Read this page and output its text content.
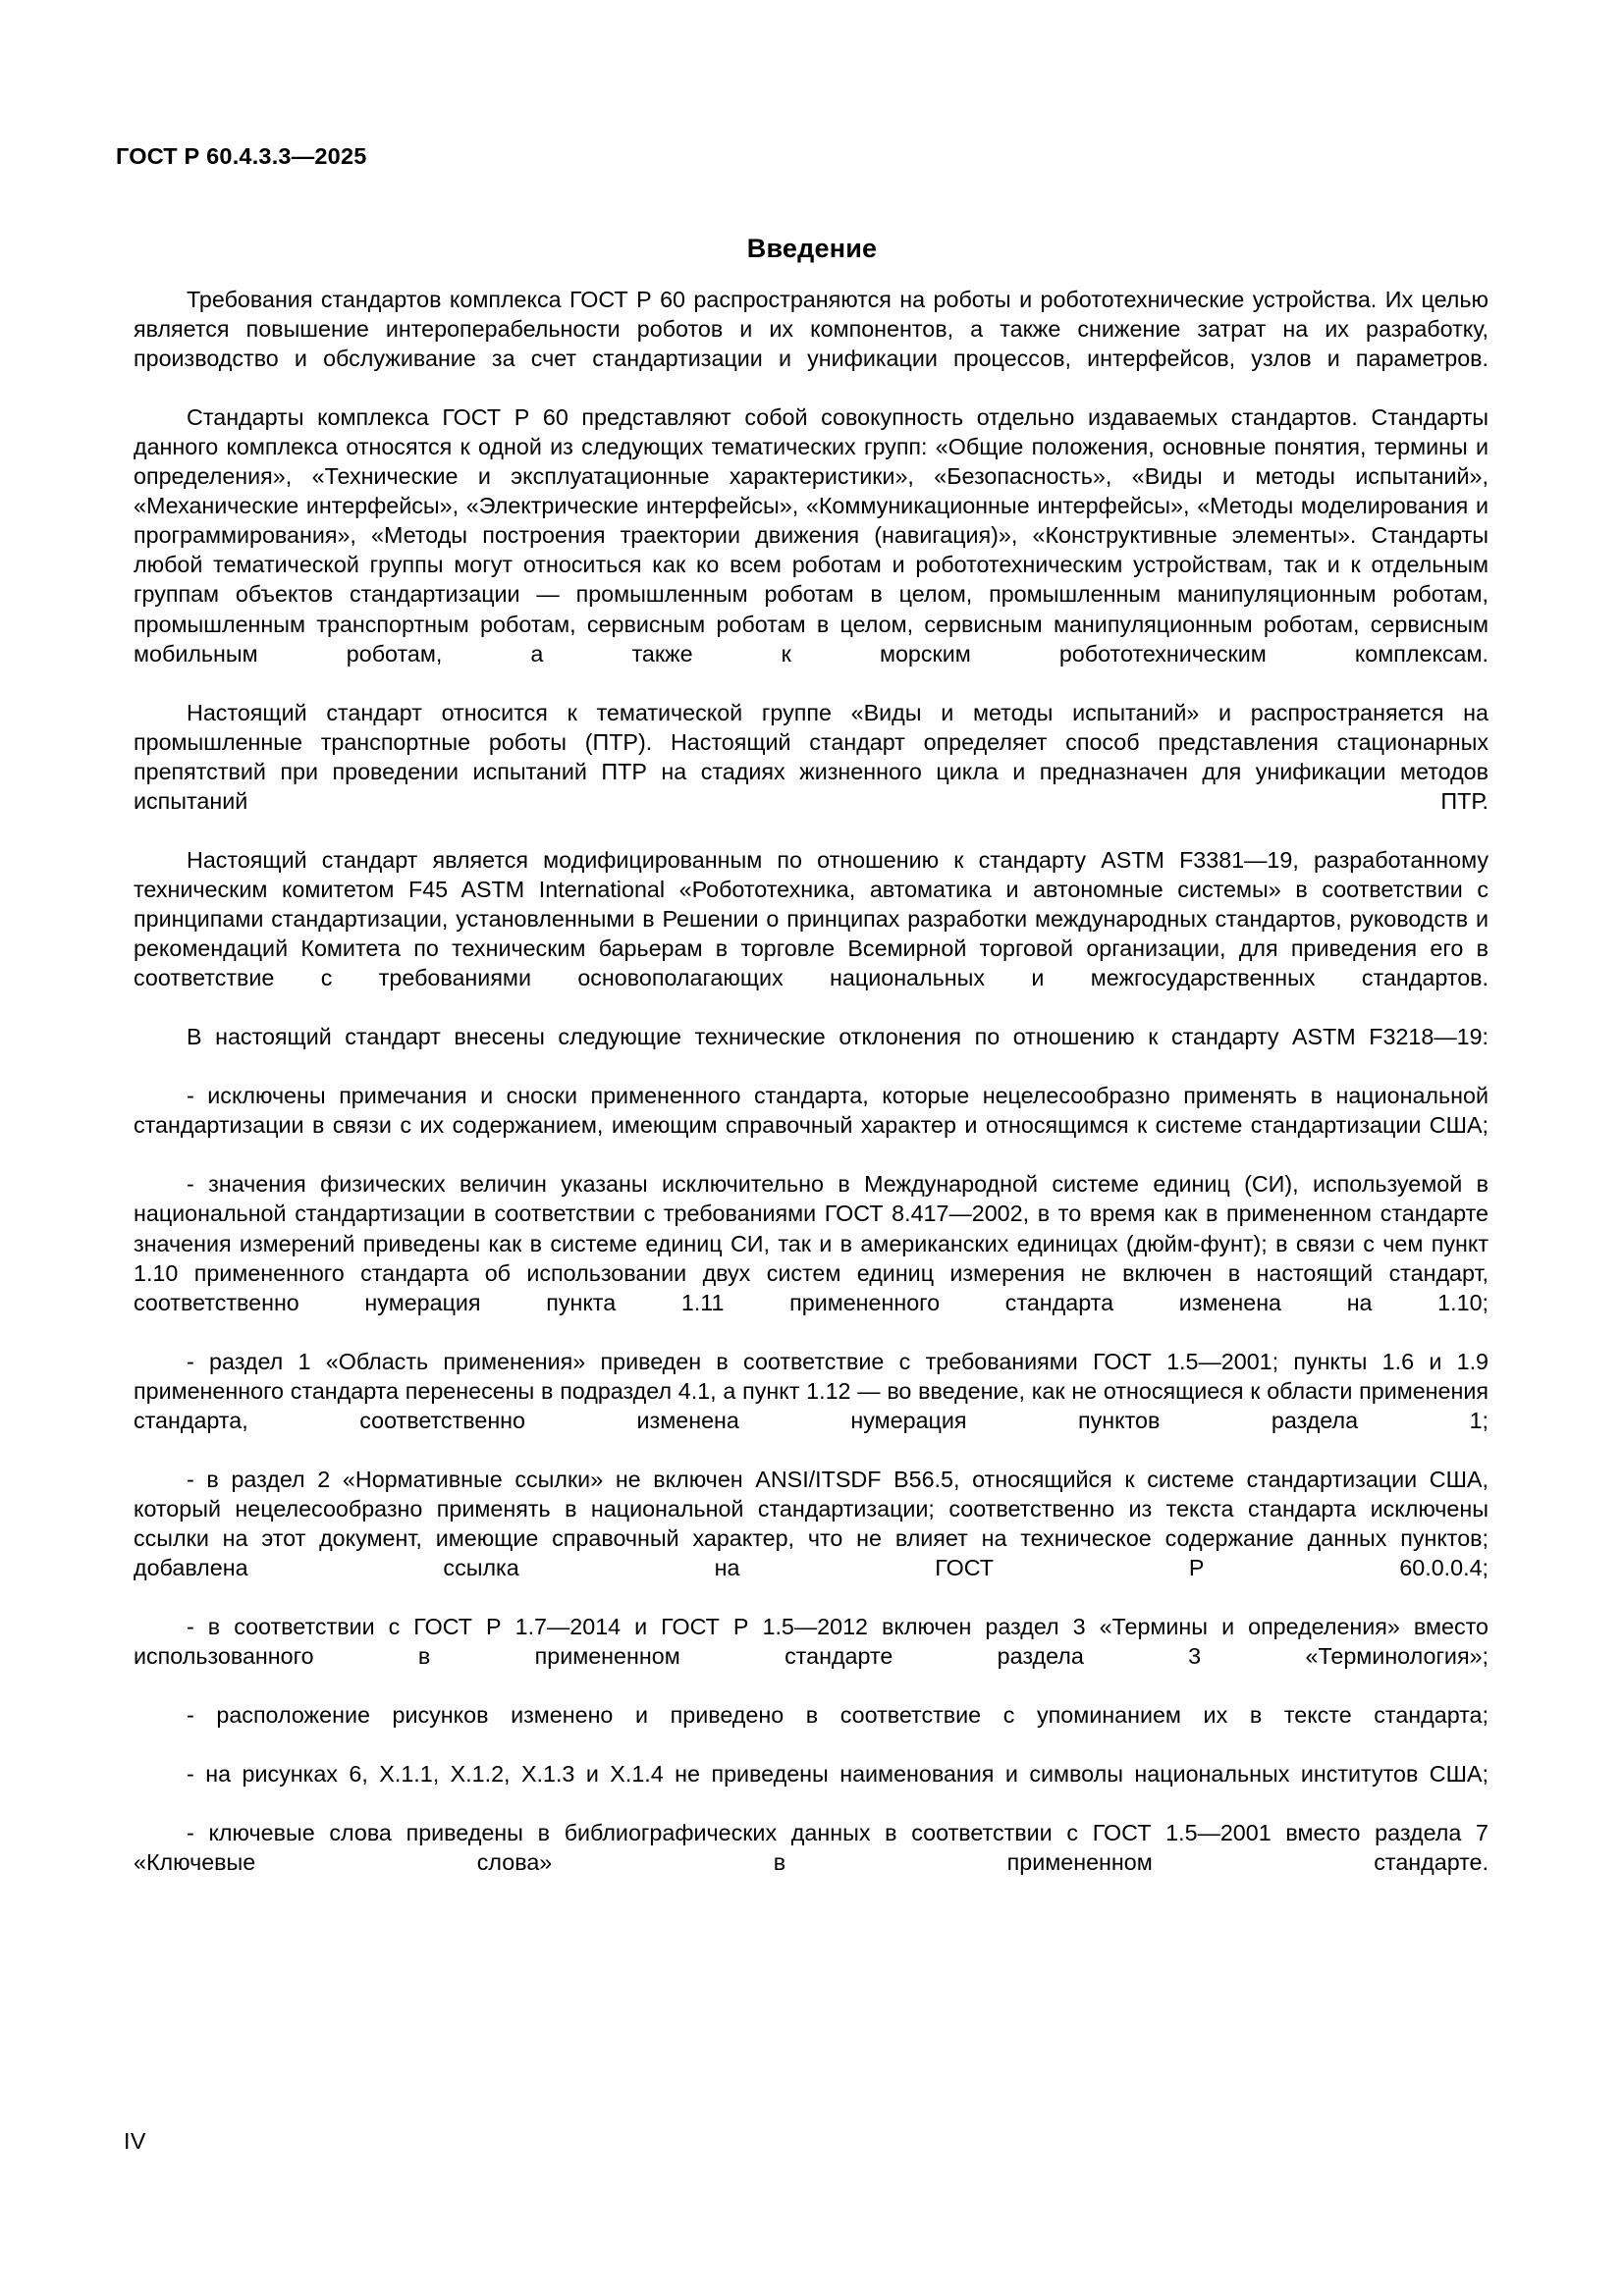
ГОСТ Р 60.4.3.3—2025
Введение

Требования стандартов комплекса ГОСТ Р 60 распространяются на роботы и робототехнические устройства. Их целью является повышение интероперабельности роботов и их компонентов, а также снижение затрат на их разработку, производство и обслуживание за счет стандартизации и унификации процессов, интерфейсов, узлов и параметров.

Стандарты комплекса ГОСТ Р 60 представляют собой совокупность отдельно издаваемых стандартов. Стандарты данного комплекса относятся к одной из следующих тематических групп: «Общие положения, основные понятия, термины и определения», «Технические и эксплуатационные характеристики», «Безопасность», «Виды и методы испытаний», «Механические интерфейсы», «Электрические интерфейсы», «Коммуникационные интерфейсы», «Методы моделирования и программирования», «Методы построения траектории движения (навигация)», «Конструктивные элементы». Стандарты любой тематической группы могут относиться как ко всем роботам и робототехническим устройствам, так и к отдельным группам объектов стандартизации — промышленным роботам в целом, промышленным манипуляционным роботам, промышленным транспортным роботам, сервисным роботам в целом, сервисным манипуляционным роботам, сервисным мобильным роботам, а также к морским робототехническим комплексам.

Настоящий стандарт относится к тематической группе «Виды и методы испытаний» и распространяется на промышленные транспортные роботы (ПТР). Настоящий стандарт определяет способ представления стационарных препятствий при проведении испытаний ПТР на стадиях жизненного цикла и предназначен для унификации методов испытаний ПТР.

Настоящий стандарт является модифицированным по отношению к стандарту ASTM F3381—19, разработанному техническим комитетом F45 ASTM International «Робототехника, автоматика и автономные системы» в соответствии с принципами стандартизации, установленными в Решении о принципах разработки международных стандартов, руководств и рекомендаций Комитета по техническим барьерам в торговле Всемирной торговой организации, для приведения его в соответствие с требованиями основополагающих национальных и межгосударственных стандартов.

В настоящий стандарт внесены следующие технические отклонения по отношению к стандарту ASTM F3218—19:

- исключены примечания и сноски примененного стандарта, которые нецелесообразно применять в национальной стандартизации в связи с их содержанием, имеющим справочный характер и относящимся к системе стандартизации США;

- значения физических величин указаны исключительно в Международной системе единиц (СИ), используемой в национальной стандартизации в соответствии с требованиями ГОСТ 8.417—2002, в то время как в примененном стандарте значения измерений приведены как в системе единиц СИ, так и в американских единицах (дюйм-фунт); в связи с чем пункт 1.10 примененного стандарта об использовании двух систем единиц измерения не включен в настоящий стандарт, соответственно нумерация пункта 1.11 примененного стандарта изменена на 1.10;

- раздел 1 «Область применения» приведен в соответствие с требованиями ГОСТ 1.5—2001; пункты 1.6 и 1.9 примененного стандарта перенесены в подраздел 4.1, а пункт 1.12 — во введение, как не относящиеся к области применения стандарта, соответственно изменена нумерация пунктов раздела 1;

- в раздел 2 «Нормативные ссылки» не включен ANSI/ITSDF B56.5, относящийся к системе стандартизации США, который нецелесообразно применять в национальной стандартизации; соответственно из текста стандарта исключены ссылки на этот документ, имеющие справочный характер, что не влияет на техническое содержание данных пунктов; добавлена ссылка на ГОСТ Р 60.0.0.4;

- в соответствии с ГОСТ Р 1.7—2014 и ГОСТ Р 1.5—2012 включен раздел 3 «Термины и определения» вместо использованного в примененном стандарте раздела 3 «Терминология»;

- расположение рисунков изменено и приведено в соответствие с упоминанием их в тексте стандарта;

- на рисунках 6, X.1.1, X.1.2, X.1.3 и X.1.4 не приведены наименования и символы национальных институтов США;

- ключевые слова приведены в библиографических данных в соответствии с ГОСТ 1.5—2001 вместо раздела 7 «Ключевые слова» в примененном стандарте.

IV
